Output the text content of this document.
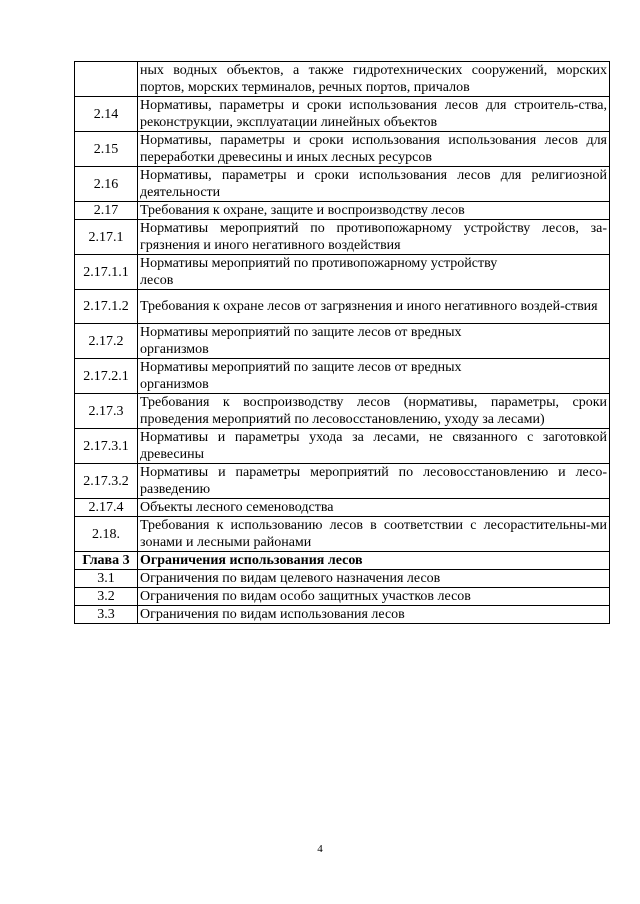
	ных водных объектов, а также гидротехнических сооружений, морских портов, морских терминалов, речных портов, причалов
2.14	Нормативы, параметры и сроки использования лесов для строитель-ства, реконструкции, эксплуатации линейных объектов
2.15	Нормативы, параметры и сроки использования использования лесов для переработки древесины и иных лесных ресурсов
2.16	Нормативы, параметры и сроки использования лесов для религиозной деятельности
2.17	Требования к охране, защите и воспроизводству лесов
2.17.1	Нормативы мероприятий по противопожарному устройству лесов, за-грязнения и иного негативного воздействия
2.17.1.1	Нормативы мероприятий по противопожарному устройству лесов
2.17.1.2	Требования к охране лесов от загрязнения и иного негативного воздей-ствия
2.17.2	Нормативы мероприятий по защите лесов от вредных организмов
2.17.2.1	Нормативы мероприятий по защите лесов от вредных организмов
2.17.3	Требования к воспроизводству лесов (нормативы, параметры, сроки проведения мероприятий по лесовосстановлению, уходу за лесами)
2.17.3.1	Нормативы и параметры ухода за лесами, не связанного с заготовкой древесины
2.17.3.2	Нормативы и параметры мероприятий по лесовосстановлению и лесо-разведению
2.17.4	Объекты лесного семеноводства
2.18.	Требования к использованию лесов в соответствии с лесорастительны-ми зонами и лесными районами
Глава 3	Ограничения использования лесов
3.1	Ограничения по видам целевого назначения лесов
3.2	Ограничения по видам особо защитных участков лесов
3.3	Ограничения по видам использования лесов
4
